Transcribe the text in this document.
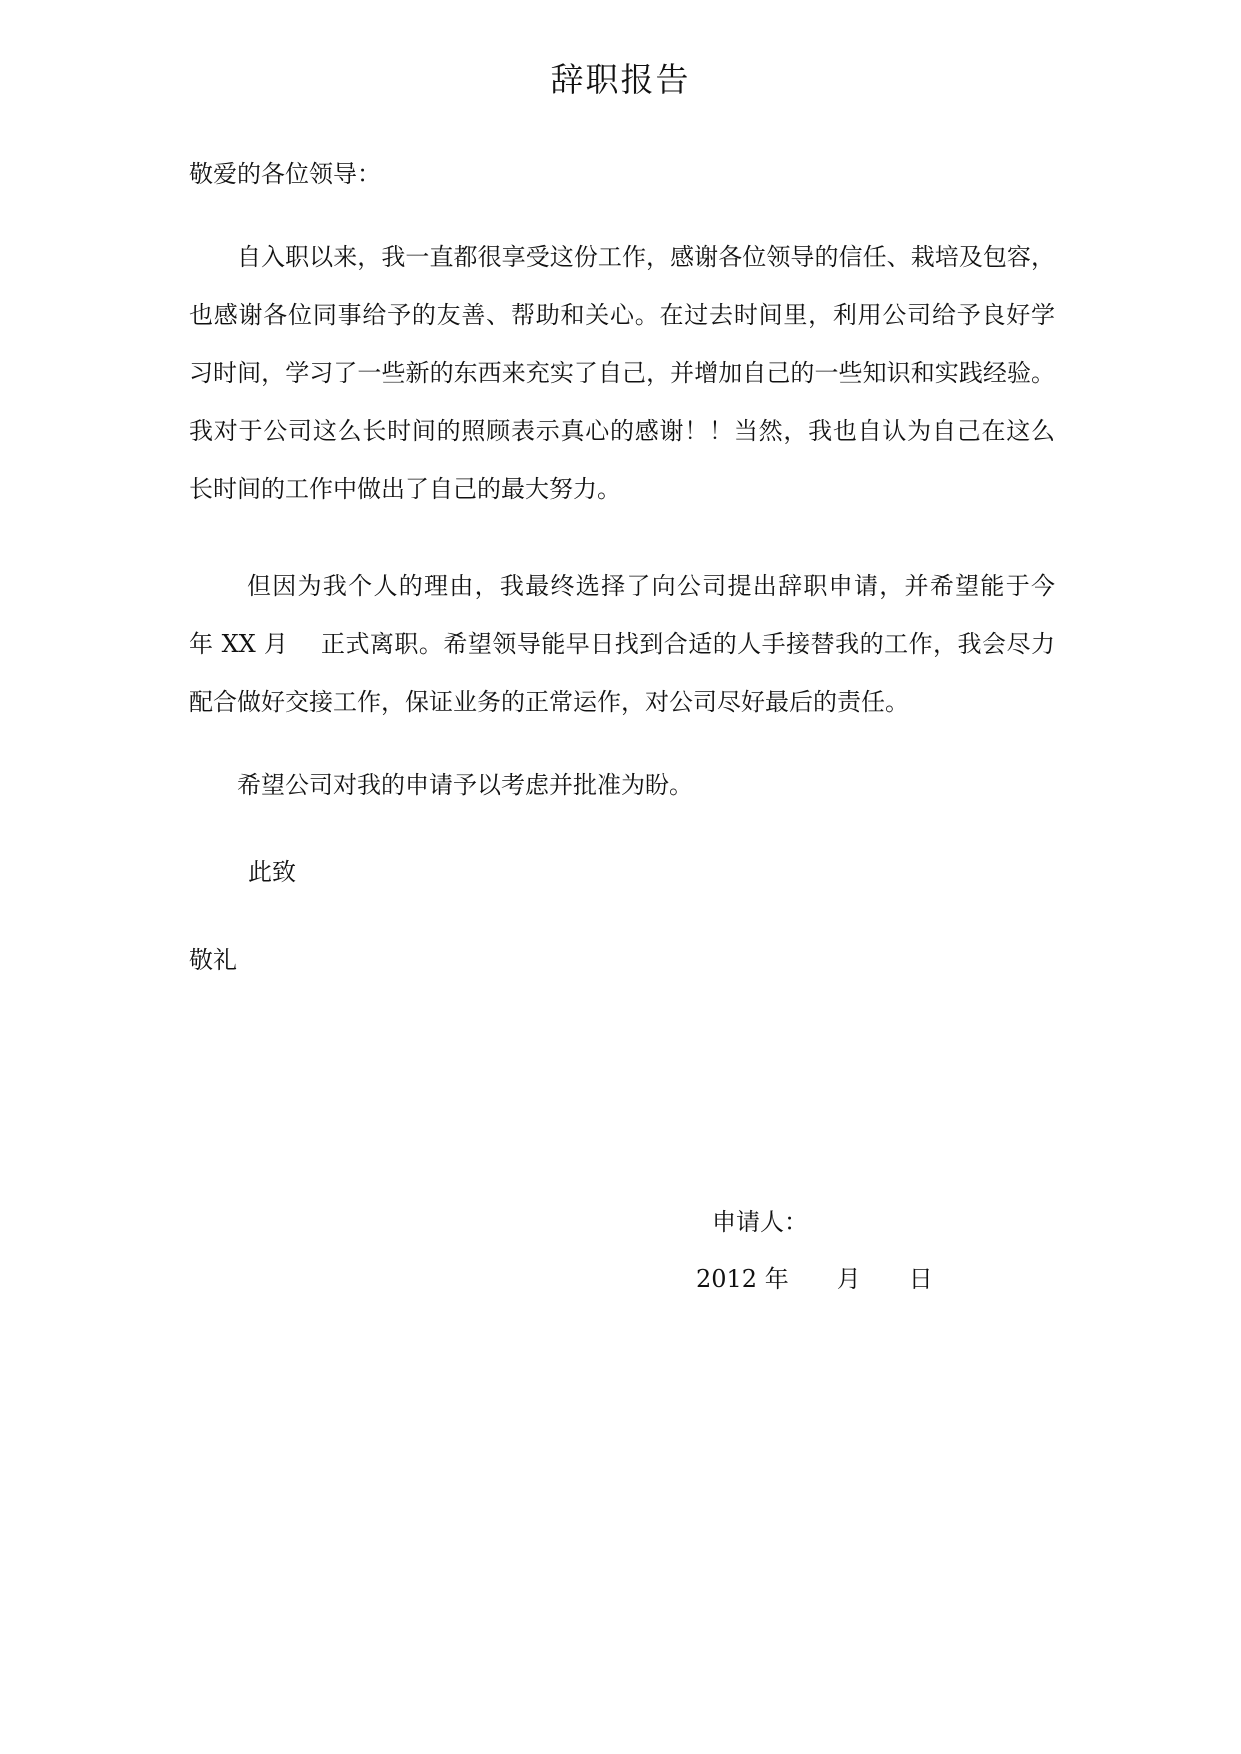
辞职报告
敬爱的各位领导：
自入职以来，我一直都很享受这份工作，感谢各位领导的信任、栽培及包容，
也感谢各位同事给予的友善、帮助和关心。在过去时间里，利用公司给予良好学
习时间，学习了一些新的东西来充实了自己，并增加自己的一些知识和实践经验。
我对于公司这么长时间的照顾表示真心的感谢！！当然，我也自认为自己在这么
长时间的工作中做出了自己的最大努力。
但因为我个人的理由，我最终选择了向公司提出辞职申请，并希望能于今
年 XX 月　 正式离职。希望领导能早日找到合适的人手接替我的工作，我会尽力
配合做好交接工作，保证业务的正常运作，对公司尽好最后的责任。
希望公司对我的申请予以考虑并批准为盼。
此致
敬礼
申请人：
2012 年　　月　　日
